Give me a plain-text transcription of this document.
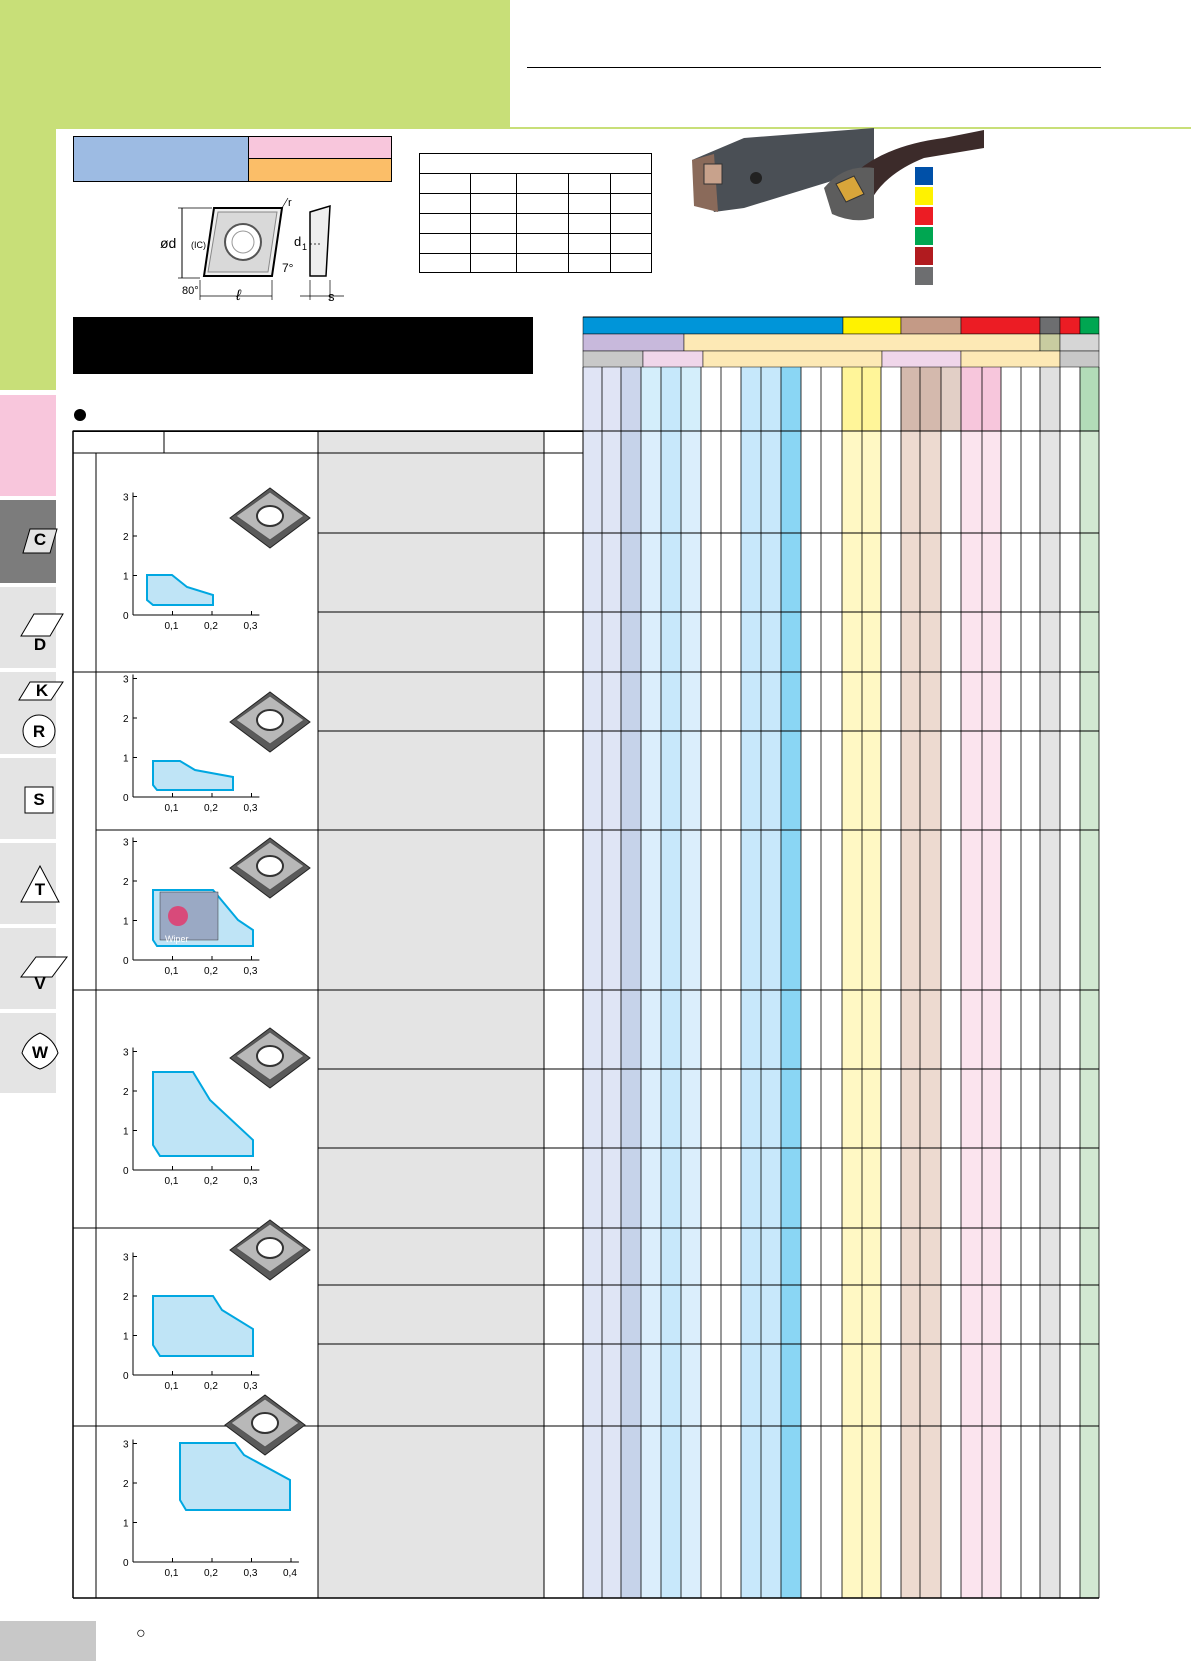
C
D
K
R
S
T
V
W
r
ød (IC)
ℓ
80°
d 1
7°
s
0
1
2
3
0,1	0,2	0,3
0
1
2
3
0,1	0,2	0,3
0
1
2
3
0,1	0,2	0,3
Wiper
0
1
2
3
0,1	0,2	0,3
0
1
2
3
0,1	0,2	0,3
0
1
2
3
0,1	0,2	0,3	0,4
○
